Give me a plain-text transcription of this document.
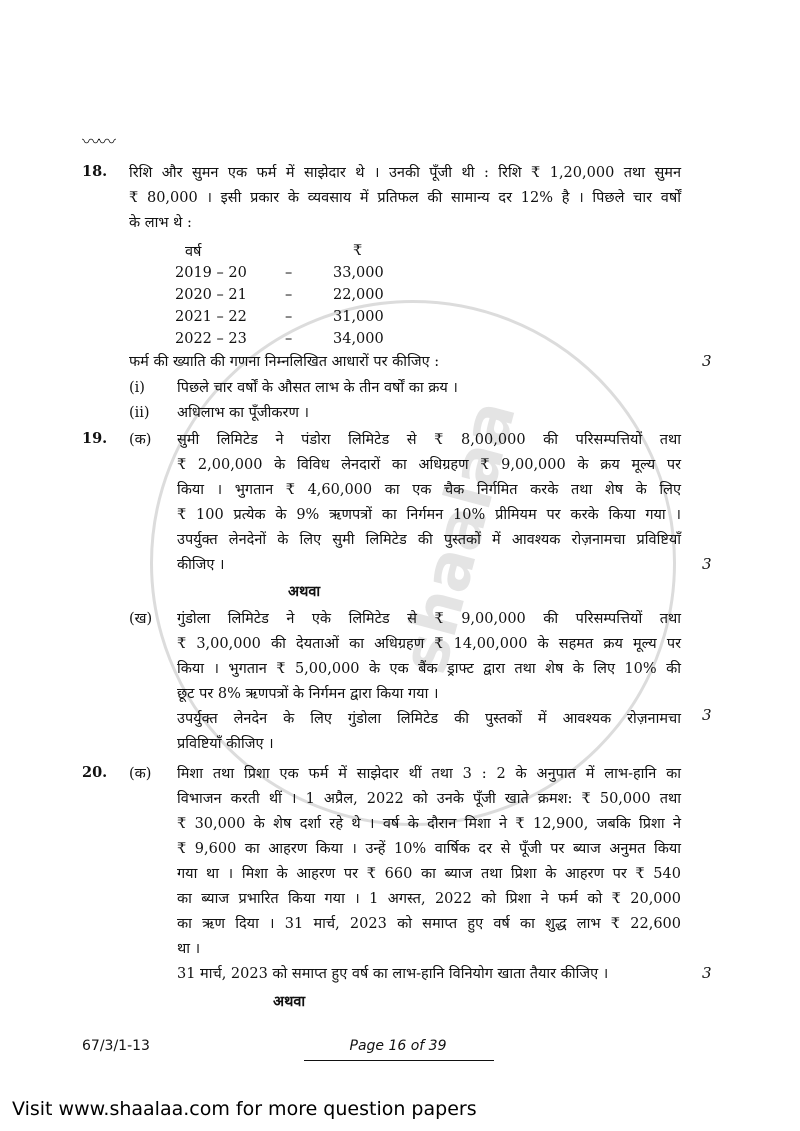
shaalaa
〰〰
18. रिशि और सुमन एक फर्म में साझेदार थे । उनकी पूँजी थी : रिशि ₹ 1,20,000 तथा सुमन
₹ 80,000 । इसी प्रकार के व्यवसाय में प्रतिफल की सामान्य दर 12% है । पिछले चार वर्षों
के लाभ थे :
वर्ष		₹
2019 – 20	–	33,000
2020 – 21	–	22,000
2021 – 22	–	31,000
2022 – 23	–	34,000
फर्म की ख्याति की गणना निम्नलिखित आधारों पर कीजिए :	3
(i) पिछले चार वर्षों के औसत लाभ के तीन वर्षों का क्रय ।
(ii) अधिलाभ का पूँजीकरण ।
19. (क) सुमी लिमिटेड ने पंडोरा लिमिटेड से ₹ 8,00,000 की परिसम्पत्तियों तथा
₹ 2,00,000 के विविध लेनदारों का अधिग्रहण ₹ 9,00,000 के क्रय मूल्य पर
किया । भुगतान ₹ 4,60,000 का एक चैक निर्गमित करके तथा शेष के लिए
₹ 100 प्रत्येक के 9% ऋणपत्रों का निर्गमन 10% प्रीमियम पर करके किया गया ।
उपर्युक्त लेनदेनों के लिए सुमी लिमिटेड की पुस्तकों में आवश्यक रोज़नामचा प्रविष्टियाँ
कीजिए ।	3
अथवा
(ख) गुंडोला लिमिटेड ने एके लिमिटेड से ₹ 9,00,000 की परिसम्पत्तियों तथा
₹ 3,00,000 की देयताओं का अधिग्रहण ₹ 14,00,000 के सहमत क्रय मूल्य पर
किया । भुगतान ₹ 5,00,000 के एक बैंक ड्राफ्ट द्वारा तथा शेष के लिए 10% की
छूट पर 8% ऋणपत्रों के निर्गमन द्वारा किया गया ।
उपर्युक्त लेनदेन के लिए गुंडोला लिमिटेड की पुस्तकों में आवश्यक रोज़नामचा
प्रविष्टियाँ कीजिए ।
3
20. (क) मिशा तथा प्रिशा एक फर्म में साझेदार थीं तथा 3 : 2 के अनुपात में लाभ-हानि का
विभाजन करती थीं । 1 अप्रैल, 2022 को उनके पूँजी खाते क्रमश: ₹ 50,000 तथा
₹ 30,000 के शेष दर्शा रहे थे । वर्ष के दौरान मिशा ने ₹ 12,900, जबकि प्रिशा ने
₹ 9,600 का आहरण किया । उन्हें 10% वार्षिक दर से पूँजी पर ब्याज अनुमत किया
गया था । मिशा के आहरण पर ₹ 660 का ब्याज तथा प्रिशा के आहरण पर ₹ 540
का ब्याज प्रभारित किया गया । 1 अगस्त, 2022 को प्रिशा ने फर्म को ₹ 20,000
का ऋण दिया । 31 मार्च, 2023 को समाप्त हुए वर्ष का शुद्ध लाभ ₹ 22,600
था ।
31 मार्च, 2023 को समाप्त हुए वर्ष का लाभ-हानि विनियोग खाता तैयार कीजिए ।	3
अथवा
67/3/1-13	Page 16 of 39
Visit www.shaalaa.com for more question papers
